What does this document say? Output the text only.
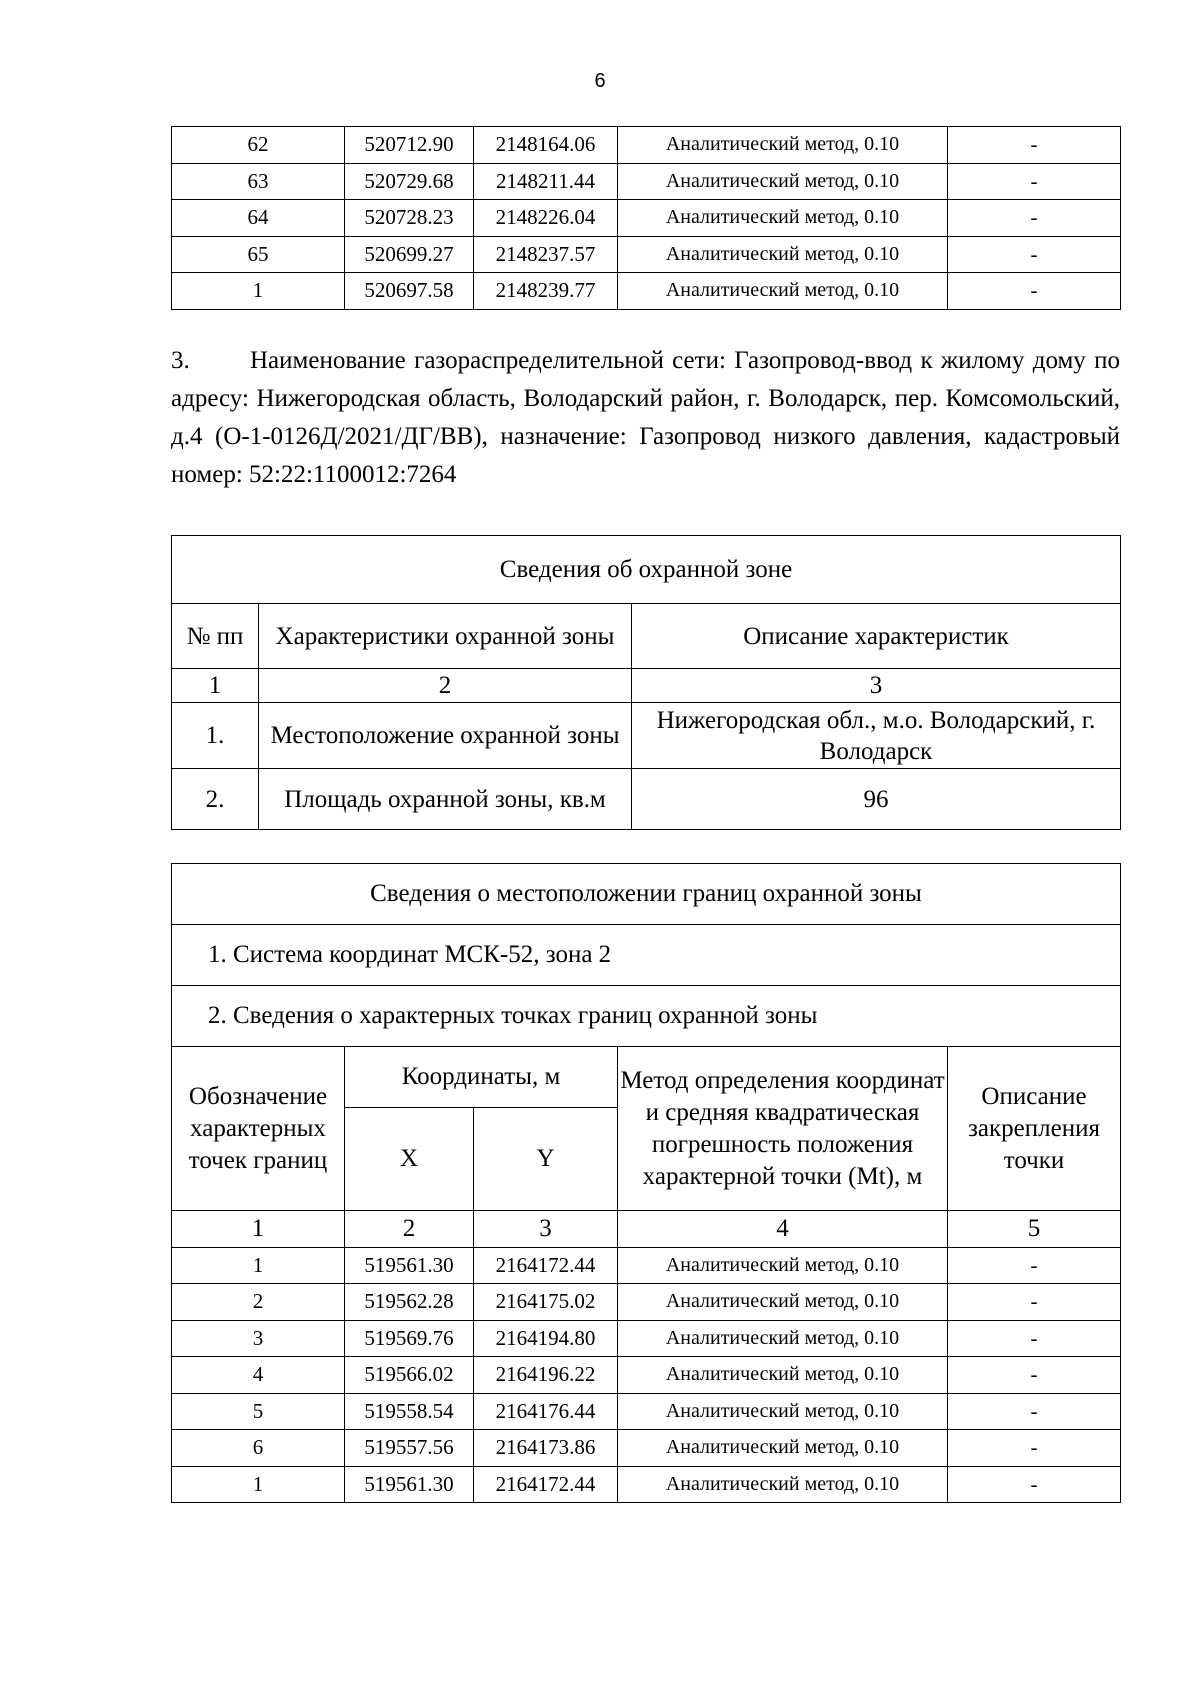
6
62	520712.90	2148164.06	Аналитический метод, 0.10	-
63	520729.68	2148211.44	Аналитический метод, 0.10	-
64	520728.23	2148226.04	Аналитический метод, 0.10	-
65	520699.27	2148237.57	Аналитический метод, 0.10	-
1	520697.58	2148239.77	Аналитический метод, 0.10	-
3. Наименование газораспределительной сети: Газопровод-ввод к жилому дому по адресу: Нижегородская область, Володарский район, г. Володарск, пер. Комсомольский, д.4 (О-1-0126Д/2021/ДГ/ВВ), назначение: Газопровод низкого давления, кадастровый номер: 52:22:1100012:7264
Сведения об охранной зоне		
№ пп	Характеристики охранной зоны	Описание характеристик
1	2	3
1.	Местоположение охранной зоны	Нижегородская обл., м.о. Володарский, г. Володарск
2.	Площадь охранной зоны, кв.м	96
Сведения о местоположении границ охранной зоны				
1. Система координат МСК-52, зона 2				
2. Сведения о характерных точках границ охранной зоны				
Обозначение характерных точек границ	Координаты, м		Метод определения координат и средняя квадратическая погрешность положения характерной точки (Mt), м	Описание закрепления точки
	X	Y		
1	2	3	4	5
1	519561.30	2164172.44	Аналитический метод, 0.10	-
2	519562.28	2164175.02	Аналитический метод, 0.10	-
3	519569.76	2164194.80	Аналитический метод, 0.10	-
4	519566.02	2164196.22	Аналитический метод, 0.10	-
5	519558.54	2164176.44	Аналитический метод, 0.10	-
6	519557.56	2164173.86	Аналитический метод, 0.10	-
1	519561.30	2164172.44	Аналитический метод, 0.10	-
